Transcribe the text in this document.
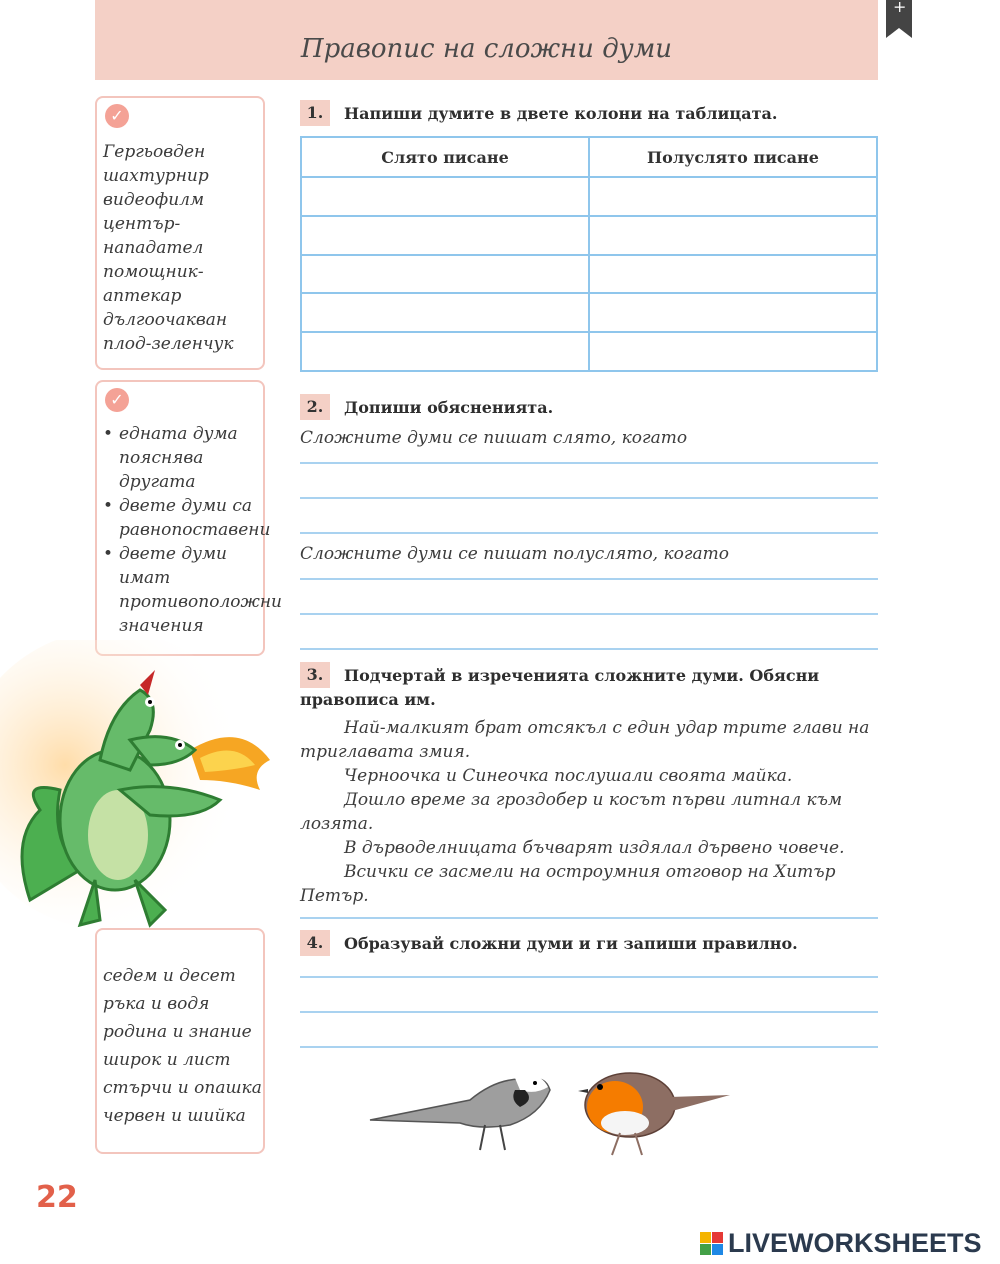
Правопис на сложни думи
+
✓
Гергьовден
шахтурнир
видеофилм
център-
нападател
помощник-
аптекар
дългоочакван
плод-зеленчук
✓
• едната дума пояснява другата
• двете думи са равнопоставени
• двете думи имат противоположни значения
седем и десет
ръка и водя
родина и знание
широк и лист
стърчи и опашка
червен и шийка
1.	Напиши думите в двете колони на таблицата.
Слято писане	Полуслято писане

2.	Допиши обясненията.
Сложните думи се пишат слято, когато
Сложните думи се пишат полуслято, когато
3.	Подчертай в изреченията сложните думи. Обясни
правописа им.

Най-малкият брат отсякъл с един удар трите глави на триглавата змия.

Черноочка и Синеочка послушали своята майка.

Дошло време за гроздобер и косът първи литнал към лозята.

В дърводелницата бъчварят издялал дървено човече.

Всички се засмели на остроумния отговор на Хитър Петър.

4.	Образувай сложни думи и ги запиши правилно.
22
LIVEWORKSHEETS
